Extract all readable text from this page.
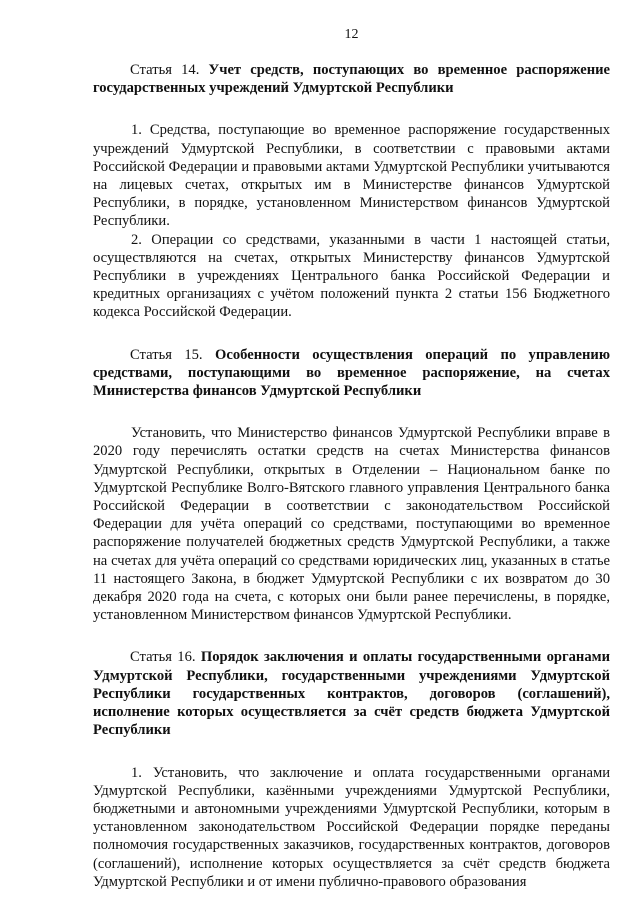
12
Статья 14. Учет средств, поступающих во временное распоряжение государственных учреждений Удмуртской Республики

1. Средства, поступающие во временное распоряжение государственных учреждений Удмуртской Республики, в соответствии с правовыми актами Российской Федерации и правовыми актами Удмуртской Республики учитываются на лицевых счетах, открытых им в Министерстве финансов Удмуртской Республики, в порядке, установленном Министерством финансов Удмуртской Республики.

2. Операции со средствами, указанными в части 1 настоящей статьи, осуществляются на счетах, открытых Министерству финансов Удмуртской Республики в учреждениях Центрального банка Российской Федерации и кредитных организациях с учётом положений пункта 2 статьи 156 Бюджетного кодекса Российской Федерации.

Статья 15. Особенности осуществления операций по управлению средствами, поступающими во временное распоряжение, на счетах Министерства финансов Удмуртской Республики

Установить, что Министерство финансов Удмуртской Республики вправе в 2020 году перечислять остатки средств на счетах Министерства финансов Удмуртской Республики, открытых в Отделении – Национальном банке по Удмуртской Республике Волго-Вятского главного управления Центрального банка Российской Федерации в соответствии с законодательством Российской Федерации для учёта операций со средствами, поступающими во временное распоряжение получателей бюджетных средств Удмуртской Республики, а также на счетах для учёта операций со средствами юридических лиц, указанных в статье 11 настоящего Закона, в бюджет Удмуртской Республики с их возвратом до 30 декабря 2020 года на счета, с которых они были ранее перечислены, в порядке, установленном Министерством финансов Удмуртской Республики.

Статья 16. Порядок заключения и оплаты государственными органами Удмуртской Республики, государственными учреждениями Удмуртской Республики государственных контрактов, договоров (соглашений), исполнение которых осуществляется за счёт средств бюджета Удмуртской Республики

1. Установить, что заключение и оплата государственными органами Удмуртской Республики, казёнными учреждениями Удмуртской Республики, бюджетными и автономными учреждениями Удмуртской Республики, которым в установленном законодательством Российской Федерации порядке переданы полномочия государственных заказчиков, государственных контрактов, договоров (соглашений), исполнение которых осуществляется за счёт средств бюджета Удмуртской Республики и от имени публично-правового образования
